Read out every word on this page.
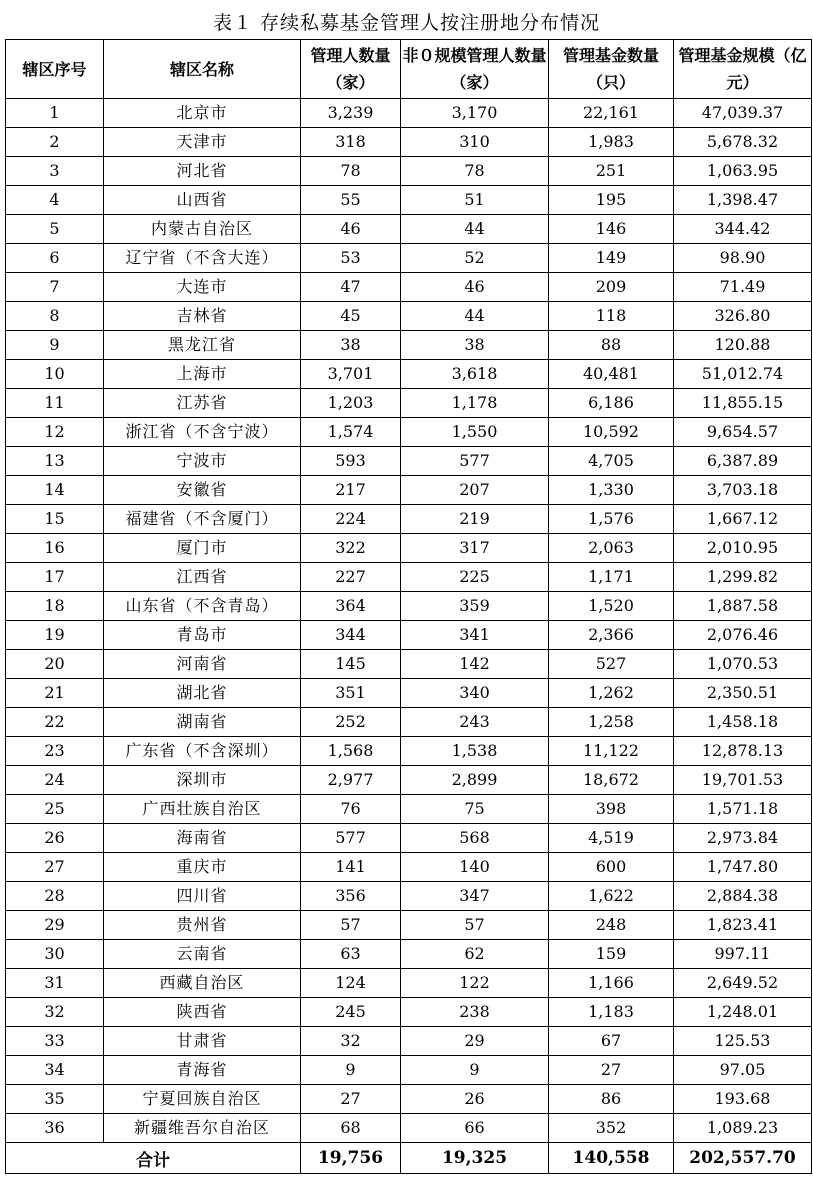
表１ 存续私募基金管理人按注册地分布情况
辖区序号	辖区名称	管理人数量（家）	非０规模管理人数量（家）	管理基金数量（只）	管理基金规模（亿元）
1	北京市	3,239	3,170	22,161	47,039.37
2	天津市	318	310	1,983	5,678.32
3	河北省	78	78	251	1,063.95
4	山西省	55	51	195	1,398.47
5	内蒙古自治区	46	44	146	344.42
6	辽宁省（不含大连）	53	52	149	98.90
7	大连市	47	46	209	71.49
8	吉林省	45	44	118	326.80
9	黑龙江省	38	38	88	120.88
10	上海市	3,701	3,618	40,481	51,012.74
11	江苏省	1,203	1,178	6,186	11,855.15
12	浙江省（不含宁波）	1,574	1,550	10,592	9,654.57
13	宁波市	593	577	4,705	6,387.89
14	安徽省	217	207	1,330	3,703.18
15	福建省（不含厦门）	224	219	1,576	1,667.12
16	厦门市	322	317	2,063	2,010.95
17	江西省	227	225	1,171	1,299.82
18	山东省（不含青岛）	364	359	1,520	1,887.58
19	青岛市	344	341	2,366	2,076.46
20	河南省	145	142	527	1,070.53
21	湖北省	351	340	1,262	2,350.51
22	湖南省	252	243	1,258	1,458.18
23	广东省（不含深圳）	1,568	1,538	11,122	12,878.13
24	深圳市	2,977	2,899	18,672	19,701.53
25	广西壮族自治区	76	75	398	1,571.18
26	海南省	577	568	4,519	2,973.84
27	重庆市	141	140	600	1,747.80
28	四川省	356	347	1,622	2,884.38
29	贵州省	57	57	248	1,823.41
30	云南省	63	62	159	997.11
31	西藏自治区	124	122	1,166	2,649.52
32	陕西省	245	238	1,183	1,248.01
33	甘肃省	32	29	67	125.53
34	青海省	9	9	27	97.05
35	宁夏回族自治区	27	26	86	193.68
36	新疆维吾尔自治区	68	66	352	1,089.23
合计		19,756	19,325	140,558	202,557.70
